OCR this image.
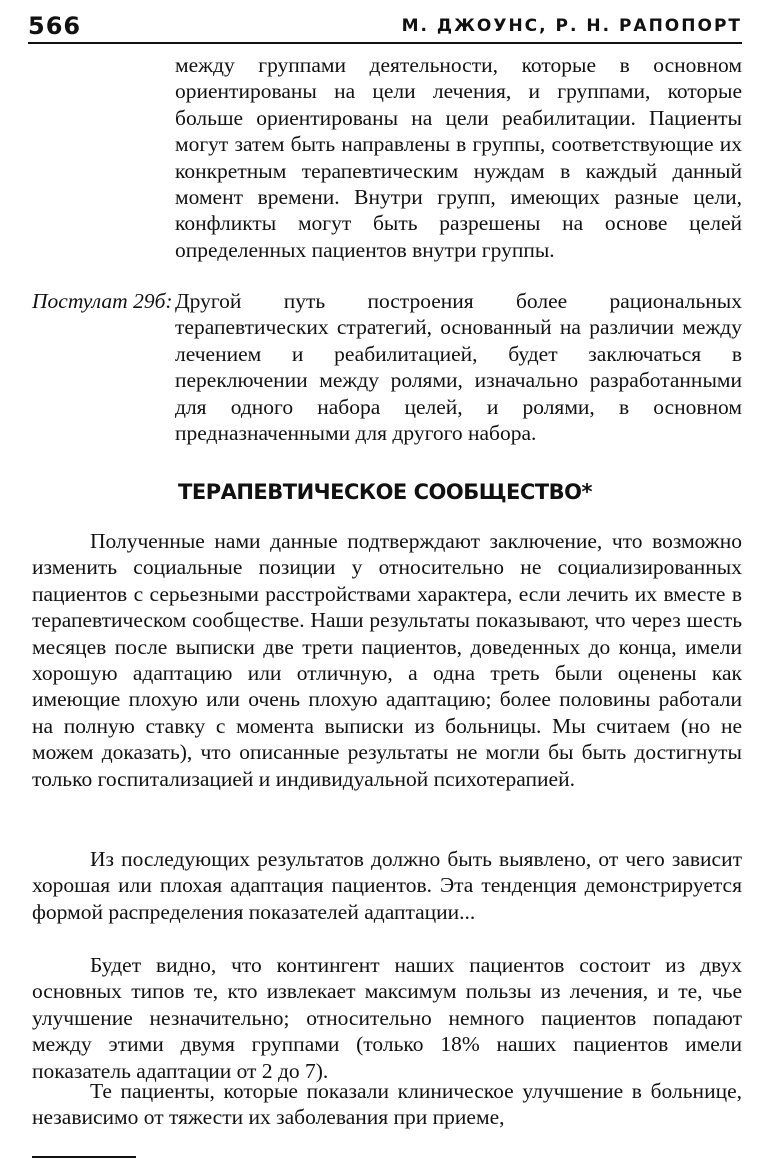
566	М. ДЖОУНС, Р. Н. РАПОПОРТ
между группами деятельности, которые в основном ориентированы на цели лечения, и группами, которые больше ориентированы на цели реабилитации. Пациенты могут затем быть направлены в группы, соответствующие их конкретным терапевтическим нуждам в каждый данный момент времени. Внутри групп, имеющих разные цели, конфликты могут быть разрешены на основе целей определенных пациентов внутри группы.
Постулат 29б: Другой путь построения более рациональных терапевтических стратегий, основанный на различии между лечением и реабилитацией, будет заключаться в переключении между ролями, изначально разработанными для одного набора целей, и ролями, в основном предназначенными для другого набора.
ТЕРАПЕВТИЧЕСКОЕ СООБЩЕСТВО*
Полученные нами данные подтверждают заключение, что возможно изменить социальные позиции у относительно не социализированных пациентов с серьезными расстройствами характера, если лечить их вместе в терапевтическом сообществе. Наши результаты показывают, что через шесть месяцев после выписки две трети пациентов, доведенных до конца, имели хорошую адаптацию или отличную, а одна треть были оценены как имеющие плохую или очень плохую адаптацию; более половины работали на полную ставку с момента выписки из больницы. Мы считаем (но не можем доказать), что описанные результаты не могли бы быть достигнуты только госпитализацией и индивидуальной психотерапией.
Из последующих результатов должно быть выявлено, от чего зависит хорошая или плохая адаптация пациентов. Эта тенденция демонстрируется формой распределения показателей адаптации...
Будет видно, что контингент наших пациентов состоит из двух основных типов те, кто извлекает максимум пользы из лечения, и те, чье улучшение незначительно; относительно немного пациентов попадают между этими двумя группами (только 18% наших пациентов имели показатель адаптации от 2 до 7).
Те пациенты, которые показали клиническое улучшение в больнице, независимо от тяжести их заболевания при приеме,
